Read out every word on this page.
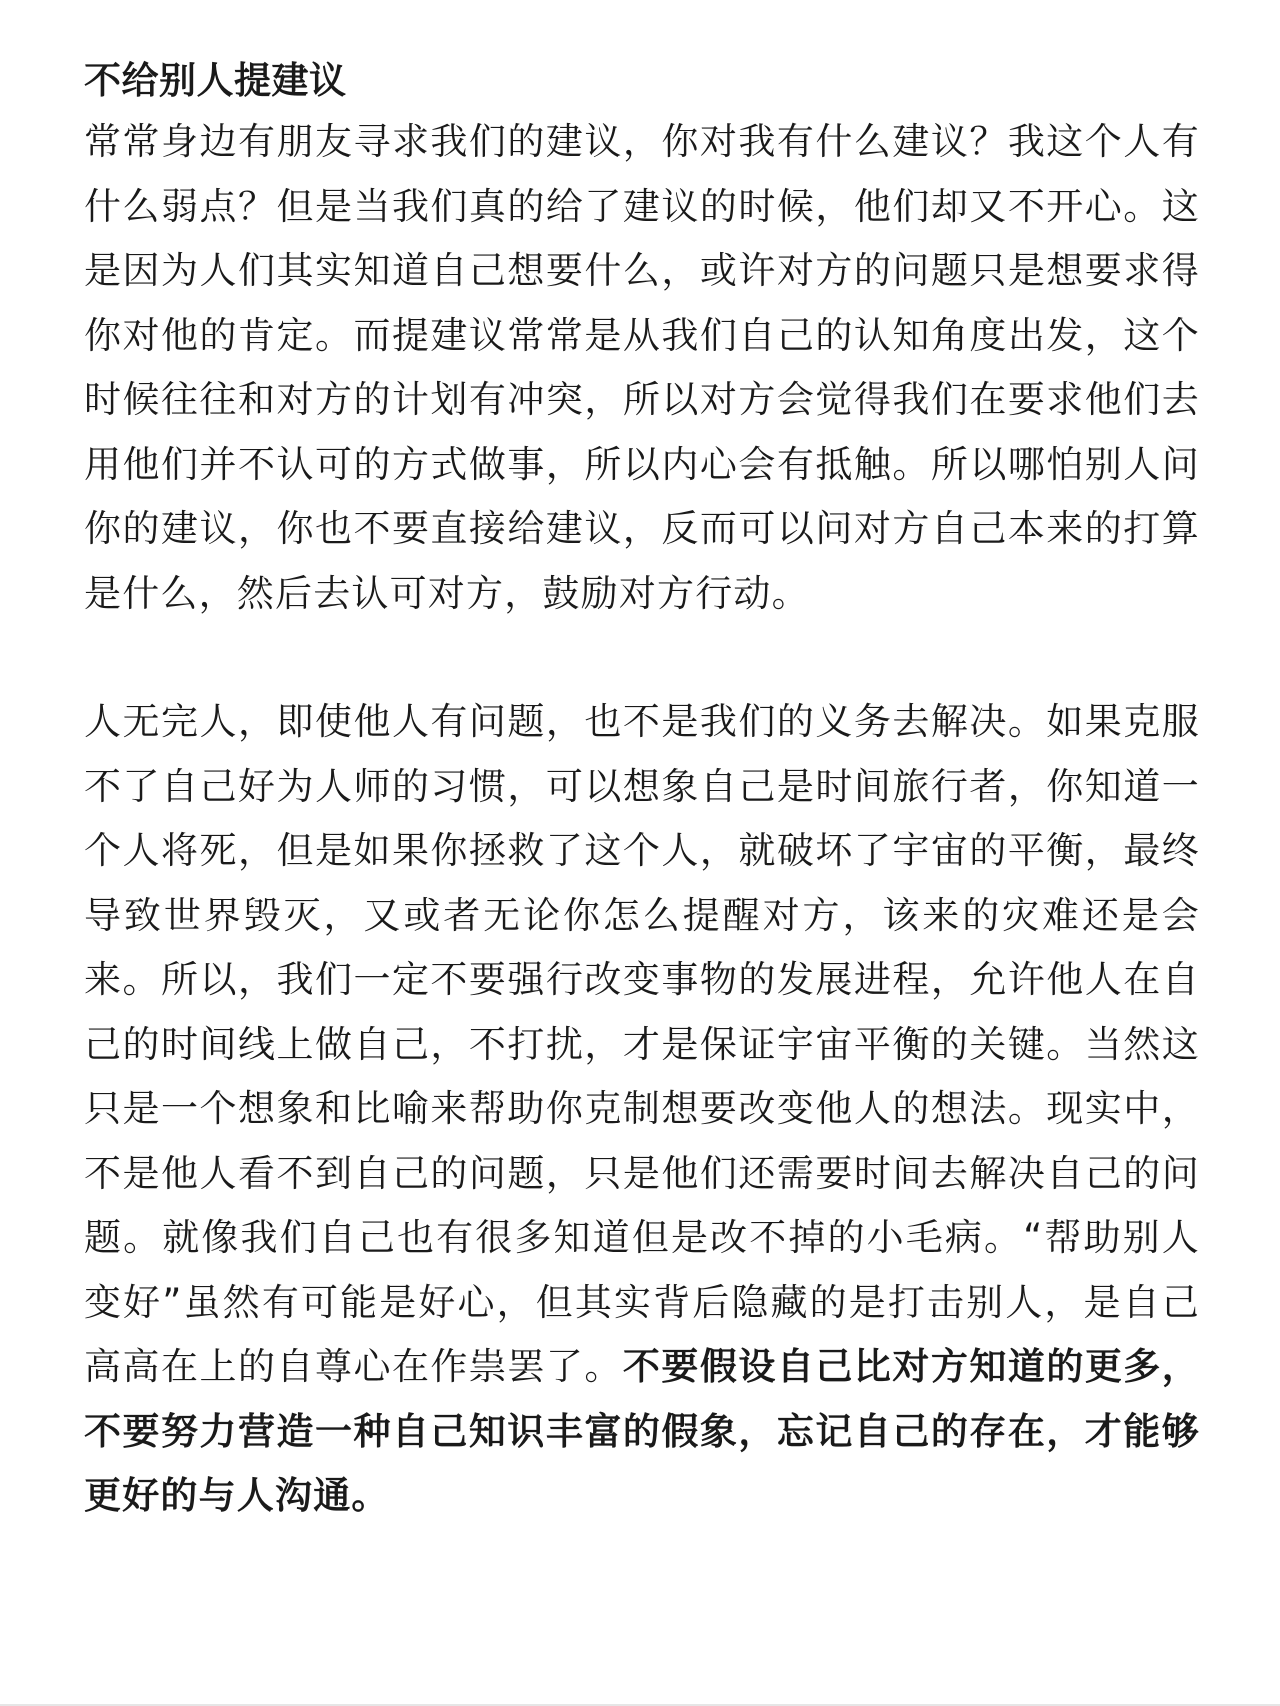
不给别人提建议

常常身边有朋友寻求我们的建议，你对我有什么建议？我这个人有什么弱点？但是当我们真的给了建议的时候，他们却又不开心。这是因为人们其实知道自己想要什么，或许对方的问题只是想要求得你对他的肯定。而提建议常常是从我们自己的认知角度出发，这个时候往往和对方的计划有冲突，所以对方会觉得我们在要求他们去用他们并不认可的方式做事，所以内心会有抵触。所以哪怕别人问你的建议，你也不要直接给建议，反而可以问对方自己本来的打算是什么，然后去认可对方，鼓励对方行动。

人无完人，即使他人有问题，也不是我们的义务去解决。如果克服不了自己好为人师的习惯，可以想象自己是时间旅行者，你知道一个人将死，但是如果你拯救了这个人，就破坏了宇宙的平衡，最终导致世界毁灭，又或者无论你怎么提醒对方，该来的灾难还是会来。所以，我们一定不要强行改变事物的发展进程，允许他人在自己的时间线上做自己，不打扰，才是保证宇宙平衡的关键。当然这只是一个想象和比喻来帮助你克制想要改变他人的想法。现实中，不是他人看不到自己的问题，只是他们还需要时间去解决自己的问题。就像我们自己也有很多知道但是改不掉的小毛病。“帮助别人变好”虽然有可能是好心，但其实背后隐藏的是打击别人，是自己高高在上的自尊心在作祟罢了。不要假设自己比对方知道的更多，不要努力营造一种自己知识丰富的假象，忘记自己的存在，才能够更好的与人沟通。
